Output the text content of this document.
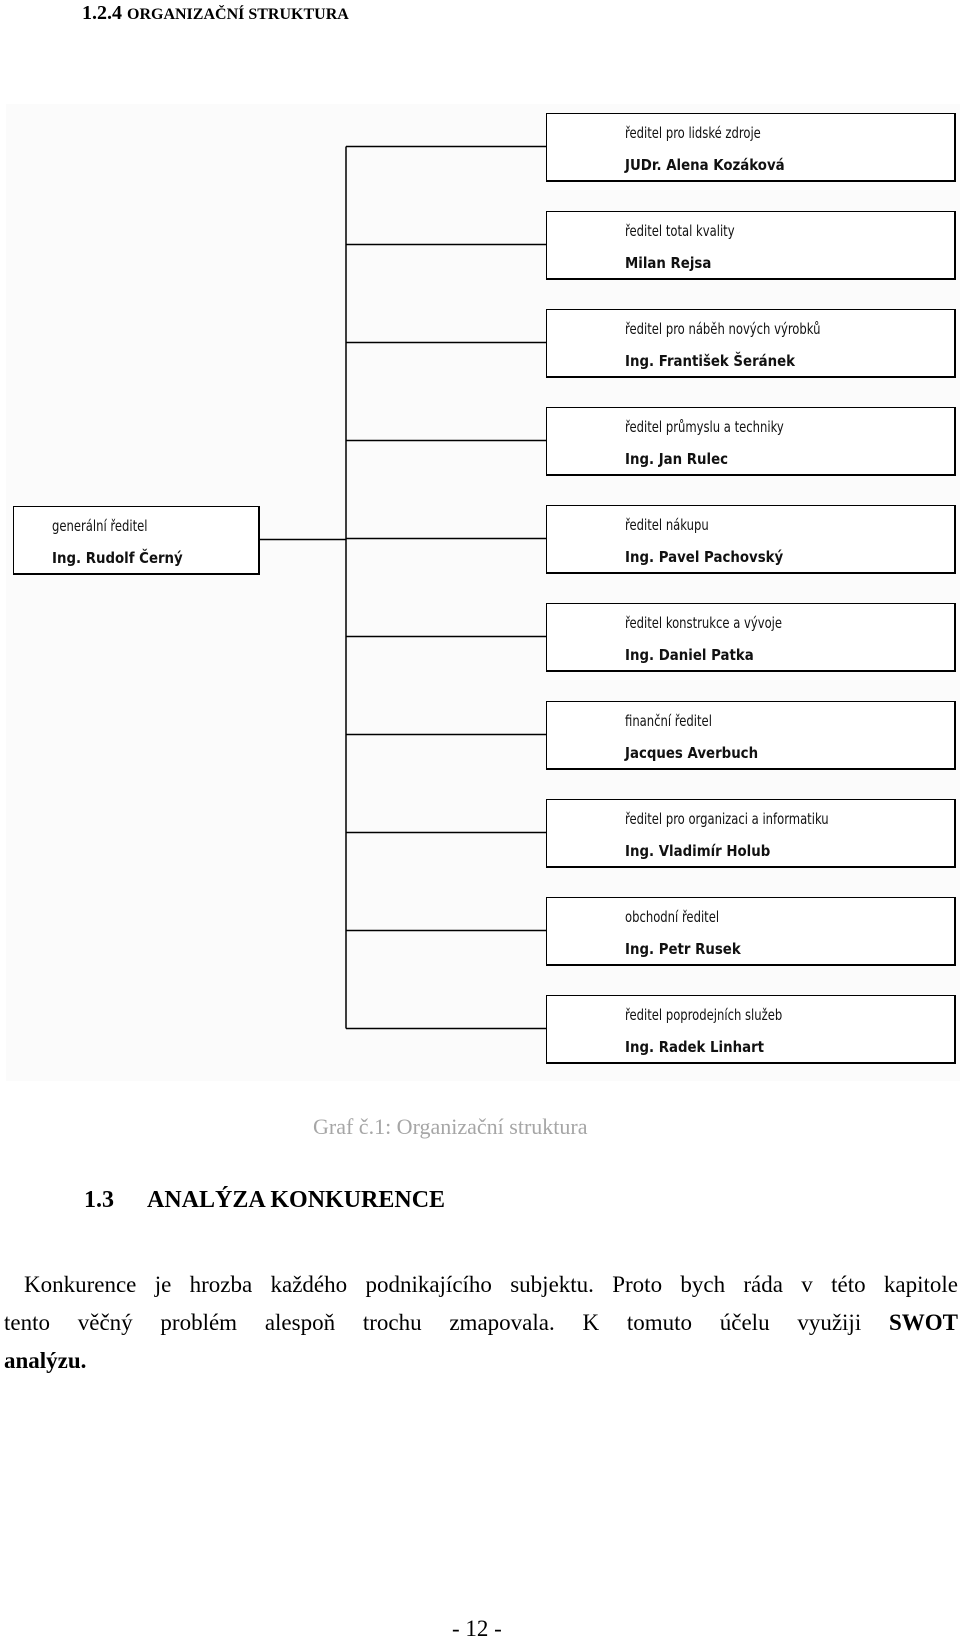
1.2.4 ORGANIZAČNÍ STRUKTURA
generální ředitel
Ing. Rudolf Černý
ředitel pro lidské zdroje
JUDr. Alena Kozáková
ředitel total kvality
Milan Rejsa
ředitel pro náběh nových výrobků
Ing. František Šeránek
ředitel průmyslu a techniky
Ing. Jan Rulec
ředitel nákupu
Ing. Pavel Pachovský
ředitel konstrukce a vývoje
Ing. Daniel Patka
finanční ředitel
Jacques Averbuch
ředitel pro organizaci a informatiku
Ing. Vladimír Holub
obchodní ředitel
Ing. Petr Rusek
ředitel poprodejních služeb
Ing. Radek Linhart
Graf č.1: Organizační struktura
1.3 ANALÝZA KONKURENCE
Konkurence je hrozba každého podnikajícího subjektu. Proto bych ráda v této kapitole
tento věčný problém alespoň trochu zmapovala. K tomuto účelu využiji SWOT
analýzu.
- 12 -
